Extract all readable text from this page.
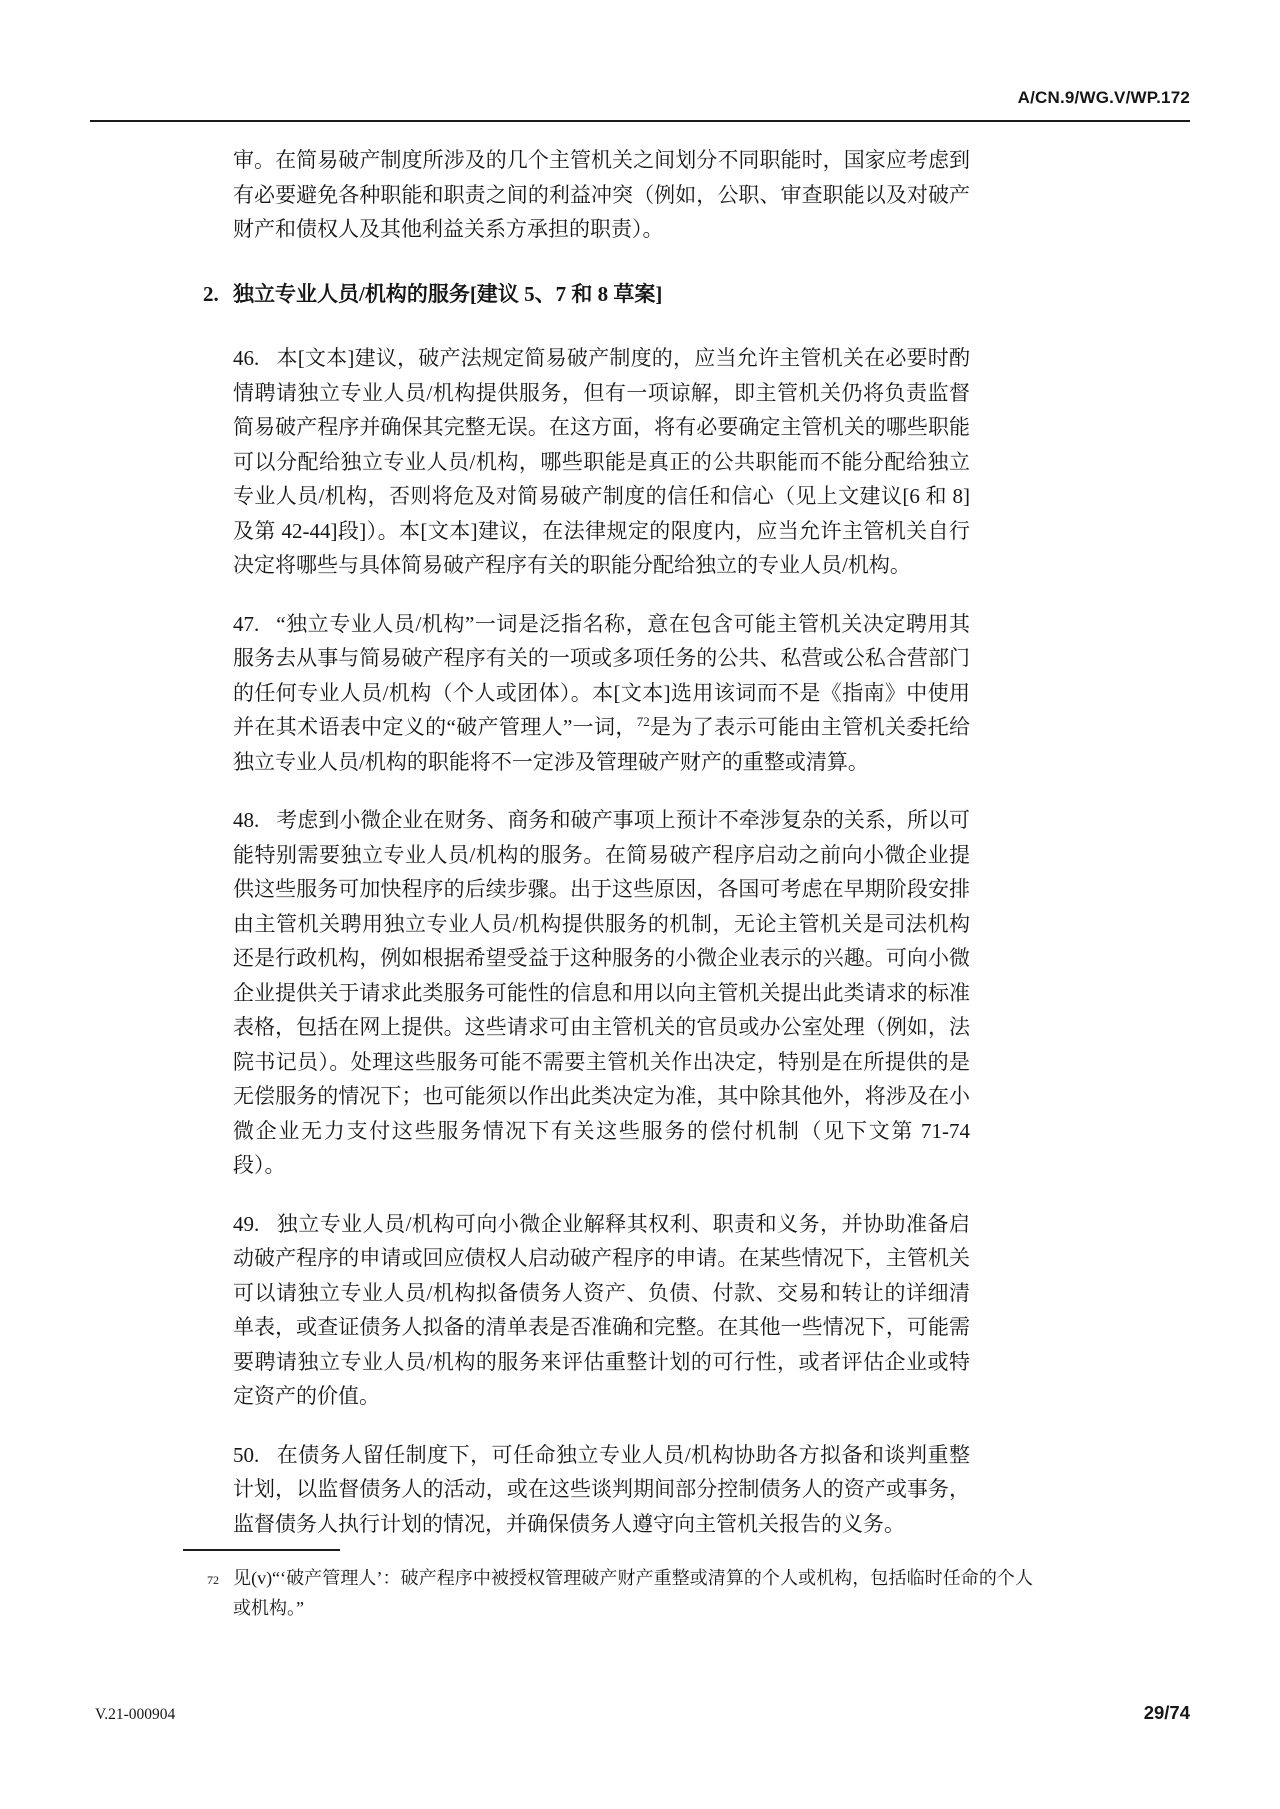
A/CN.9/WG.V/WP.172

审。在简易破产制度所涉及的几个主管机关之间划分不同职能时，国家应考虑到有必要避免各种职能和职责之间的利益冲突（例如，公职、审查职能以及对破产财产和债权人及其他利益关系方承担的职责）。

2. 独立专业人员/机构的服务[建议 5、7 和 8 草案]

46. 本[文本]建议，破产法规定简易破产制度的，应当允许主管机关在必要时酌情聘请独立专业人员/机构提供服务，但有一项谅解，即主管机关仍将负责监督简易破产程序并确保其完整无误。在这方面，将有必要确定主管机关的哪些职能可以分配给独立专业人员/机构，哪些职能是真正的公共职能而不能分配给独立专业人员/机构，否则将危及对简易破产制度的信任和信心（见上文建议[6 和 8]及第 42-44]段]）。本[文本]建议，在法律规定的限度内，应当允许主管机关自行决定将哪些与具体简易破产程序有关的职能分配给独立的专业人员/机构。

47. “独立专业人员/机构”一词是泛指名称，意在包含可能主管机关决定聘用其服务去从事与简易破产程序有关的一项或多项任务的公共、私营或公私合营部门的任何专业人员/机构（个人或团体）。本[文本]选用该词而不是《指南》中使用并在其术语表中定义的“破产管理人”一词，$^{72}$是为了表示可能由主管机关委托给独立专业人员/机构的职能将不一定涉及管理破产财产的重整或清算。

48. 考虑到小微企业在财务、商务和破产事项上预计不牵涉复杂的关系，所以可能特别需要独立专业人员/机构的服务。在简易破产程序启动之前向小微企业提供这些服务可加快程序的后续步骤。出于这些原因，各国可考虑在早期阶段安排由主管机关聘用独立专业人员/机构提供服务的机制，无论主管机关是司法机构还是行政机构，例如根据希望受益于这种服务的小微企业表示的兴趣。可向小微企业提供关于请求此类服务可能性的信息和用以向主管机关提出此类请求的标准表格，包括在网上提供。这些请求可由主管机关的官员或办公室处理（例如，法院书记员）。处理这些服务可能不需要主管机关作出决定，特别是在所提供的是无偿服务的情况下；也可能须以作出此类决定为准，其中除其他外，将涉及在小微企业无力支付这些服务情况下有关这些服务的偿付机制（见下文第 71-74 段）。

49. 独立专业人员/机构可向小微企业解释其权利、职责和义务，并协助准备启动破产程序的申请或回应债权人启动破产程序的申请。在某些情况下，主管机关可以请独立专业人员/机构拟备债务人资产、负债、付款、交易和转让的详细清单表，或查证债务人拟备的清单表是否准确和完整。在其他一些情况下，可能需要聘请独立专业人员/机构的服务来评估重整计划的可行性，或者评估企业或特定资产的价值。

50. 在债务人留任制度下，可任命独立专业人员/机构协助各方拟备和谈判重整计划，以监督债务人的活动，或在这些谈判期间部分控制债务人的资产或事务，监督债务人执行计划的情况，并确保债务人遵守向主管机关报告的义务。

72 见(v)“‘破产管理人’：破产程序中被授权管理破产财产重整或清算的个人或机构，包括临时任命的个人或机构。”

V.21-000904	29/74
